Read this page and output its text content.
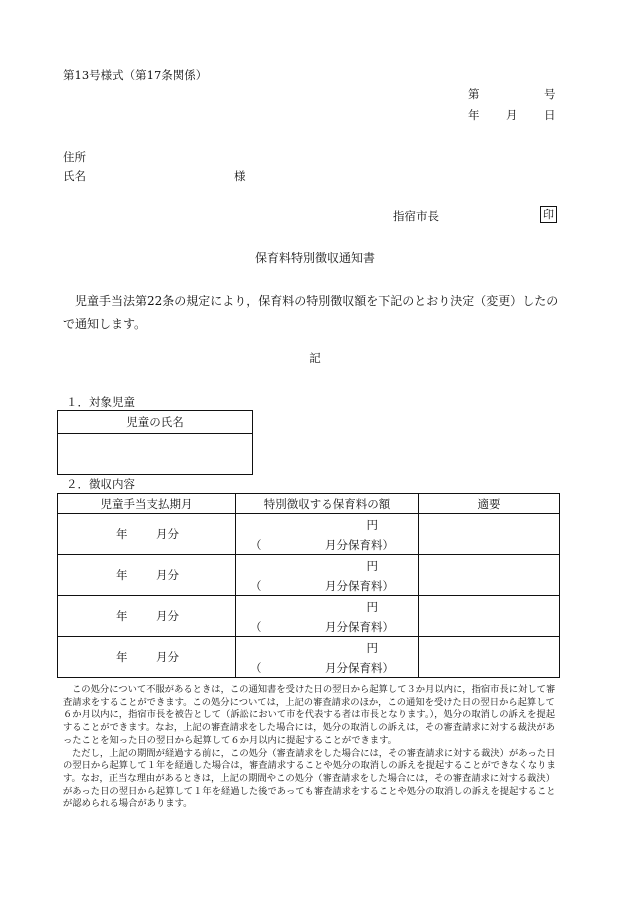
第13号様式（第17条関係）
第	号
年 月 日
住所
氏名	様
指宿市長	印
保育料特別徴収通知書
児童手当法第22条の規定により，保育料の特別徴収額を下記のとおり決定（変更）したので通知します。
記
１．対象児童
児童の氏名

２．徴収内容
児童手当支払期月	特別徴収する保育料の額	適要

年 月分	円
（ 月分保育料）	

年 月分	円
（ 月分保育料）	

年 月分	円
（ 月分保育料）	

年 月分	円
（ 月分保育料）	

この処分について不服があるときは，この通知書を受けた日の翌日から起算して３か月以内に，指宿市長に対して審査請求をすることができます。この処分については，上記の審査請求のほか，この通知を受けた日の翌日から起算して６か月以内に，指宿市長を被告として（訴訟において市を代表する者は市長となります。），処分の取消しの訴えを提起することができます。なお，上記の審査請求をした場合には，処分の取消しの訴えは，その審査請求に対する裁決があったことを知った日の翌日から起算して６か月以内に提起することができます。

ただし，上記の期間が経過する前に，この処分（審査請求をした場合には，その審査請求に対する裁決）があった日の翌日から起算して１年を経過した場合は，審査請求することや処分の取消しの訴えを提起することができなくなります。なお，正当な理由があるときは，上記の期間やこの処分（審査請求をした場合には，その審査請求に対する裁決）があった日の翌日から起算して１年を経過した後であっても審査請求をすることや処分の取消しの訴えを提起することが認められる場合があります。
